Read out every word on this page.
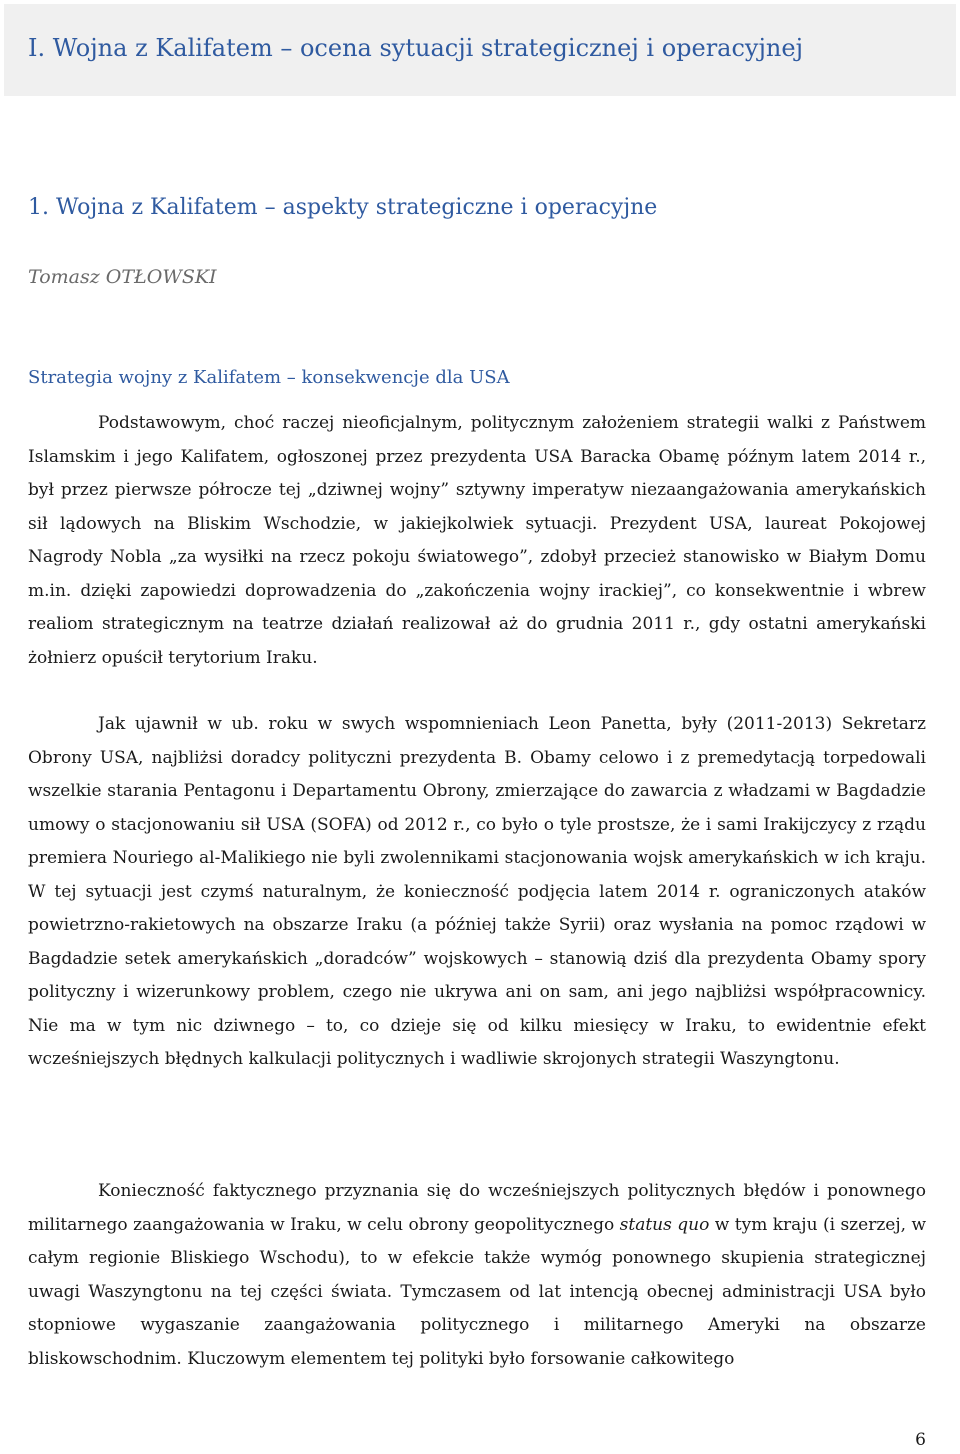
I. Wojna z Kalifatem – ocena sytuacji strategicznej i operacyjnej
1. Wojna z Kalifatem – aspekty strategiczne i operacyjne

Tomasz OTŁOWSKI

Strategia wojny z Kalifatem – konsekwencje dla USA

Podstawowym, choć raczej nieoficjalnym, politycznym założeniem strategii walki z Państwem Islamskim i jego Kalifatem, ogłoszonej przez prezydenta USA Baracka Obamę późnym latem 2014 r., był przez pierwsze półrocze tej „dziwnej wojny” sztywny imperatyw niezaangażowania amerykańskich sił lądowych na Bliskim Wschodzie, w jakiejkolwiek sytuacji. Prezydent USA, laureat Pokojowej Nagrody Nobla „za wysiłki na rzecz pokoju światowego”, zdobył przecież stanowisko w Białym Domu m.in. dzięki zapowiedzi doprowadzenia do „zakończenia wojny irackiej”, co konsekwentnie i wbrew realiom strategicznym na teatrze działań realizował aż do grudnia 2011 r., gdy ostatni amerykański żołnierz opuścił terytorium Iraku.

Jak ujawnił w ub. roku w swych wspomnieniach Leon Panetta, były (2011-2013) Sekretarz Obrony USA, najbliżsi doradcy polityczni prezydenta B. Obamy celowo i z premedytacją torpedowali wszelkie starania Pentagonu i Departamentu Obrony, zmierzające do zawarcia z władzami w Bagdadzie umowy o stacjonowaniu sił USA (SOFA) od 2012 r., co było o tyle prostsze, że i sami Irakijczycy z rządu premiera Nouriego al-Malikiego nie byli zwolennikami stacjonowania wojsk amerykańskich w ich kraju. W tej sytuacji jest czymś naturalnym, że konieczność podjęcia latem 2014 r. ograniczonych ataków powietrzno-rakietowych na obszarze Iraku (a później także Syrii) oraz wysłania na pomoc rządowi w Bagdadzie setek amerykańskich „doradców” wojskowych – stanowią dziś dla prezydenta Obamy spory polityczny i wizerunkowy problem, czego nie ukrywa ani on sam, ani jego najbliżsi współpracownicy. Nie ma w tym nic dziwnego – to, co dzieje się od kilku miesięcy w Iraku, to ewidentnie efekt wcześniejszych błędnych kalkulacji politycznych i wadliwie skrojonych strategii Waszyngtonu.

Konieczność faktycznego przyznania się do wcześniejszych politycznych błędów i ponownego militarnego zaangażowania w Iraku, w celu obrony geopolitycznego status quo w tym kraju (i szerzej, w całym regionie Bliskiego Wschodu), to w efekcie także wymóg ponownego skupienia strategicznej uwagi Waszyngtonu na tej części świata. Tymczasem od lat intencją obecnej administracji USA było stopniowe wygaszanie zaangażowania politycznego i militarnego Ameryki na obszarze bliskowschodnim. Kluczowym elementem tej polityki było forsowanie całkowitego

6
